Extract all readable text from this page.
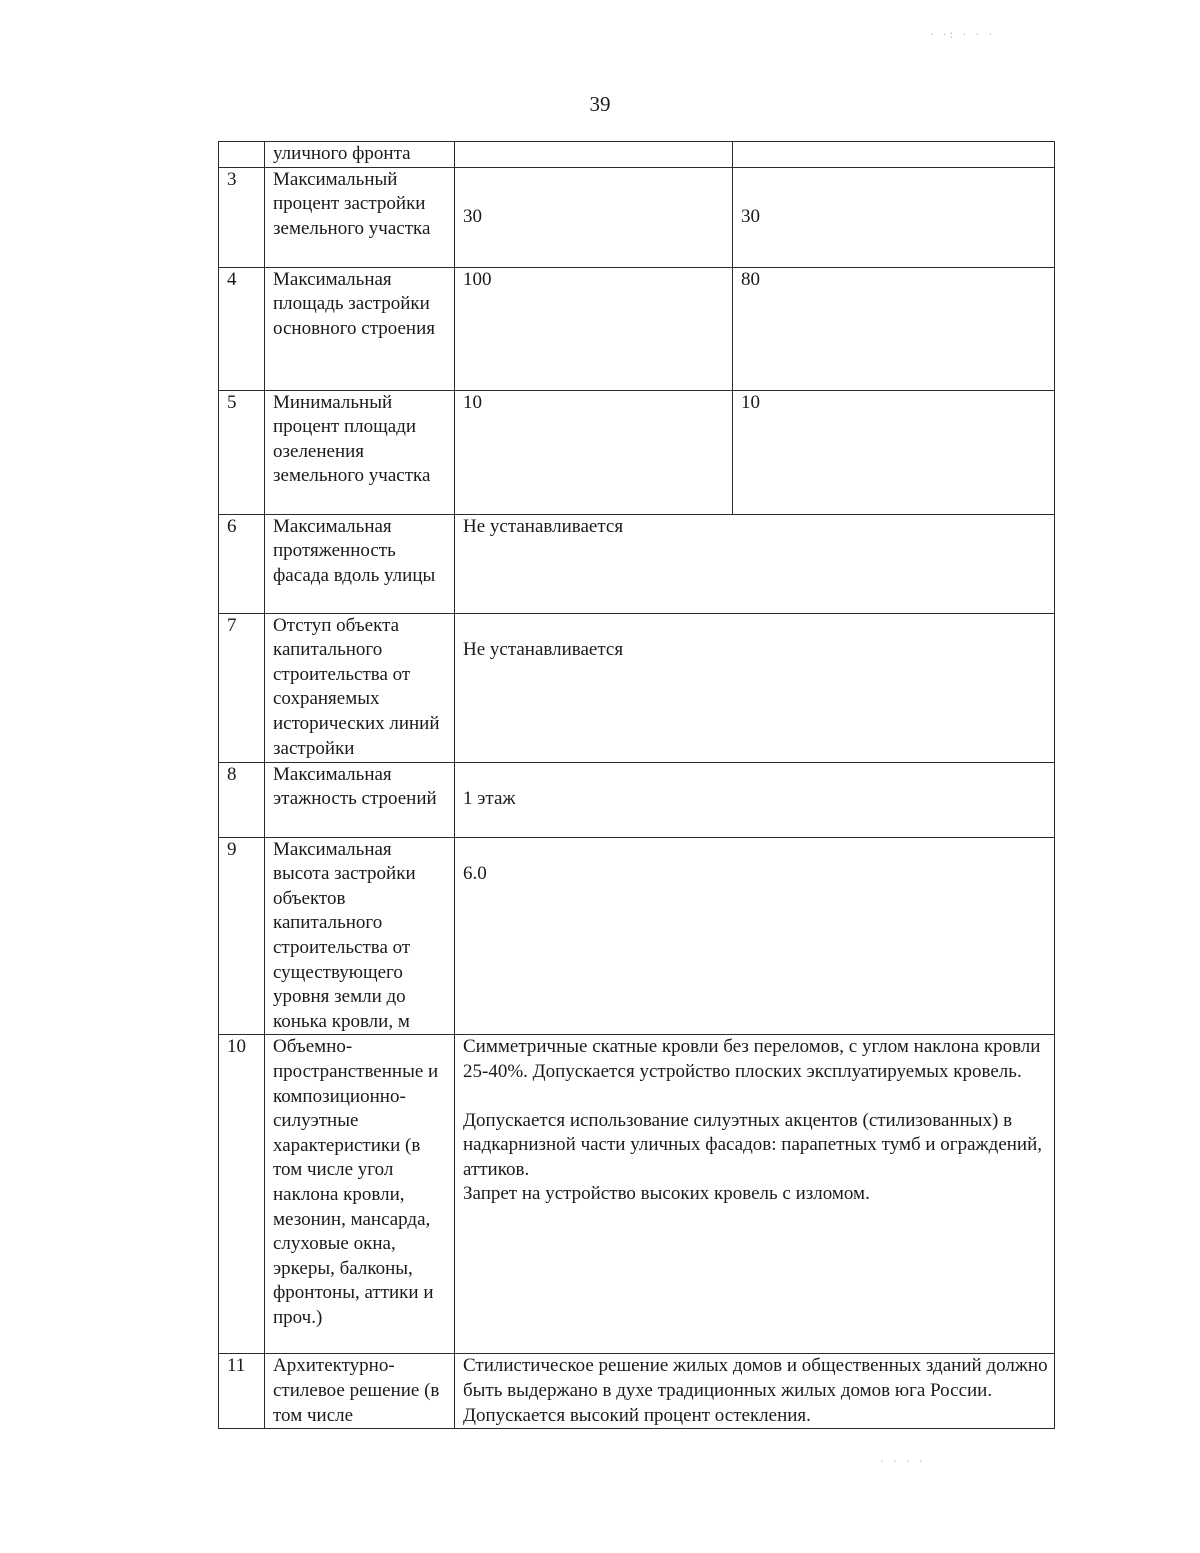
39
	уличного фронта		
3	Максимальный процент застройки земельного участка	30	30
4	Максимальная площадь застройки основного строения	100	80
5	Минимальный процент площади озеленения земельного участка	10	10
6	Максимальная протяженность фасада вдоль улицы	Не устанавливается	
7	Отступ объекта капитального строительства от сохраняемых исторических линий застройки	Не устанавливается	
8	Максимальная этажность строений	1 этаж	
9	Максимальная высота застройки объектов капитального строительства от существующего уровня земли до конька кровли, м	6.0	
10	Объемно-пространственные и композиционно-силуэтные характеристики (в том числе угол наклона кровли, мезонин, мансарда, слуховые окна, эркеры, балконы, фронтоны, аттики и проч.)	Симметричные скатные кровли без переломов, с углом наклона кровли 25-40%. Допускается устройство плоских эксплуатируемых кровель.
Допускается использование силуэтных акцентов (стилизованных) в надкарнизной части уличных фасадов: парапетных тумб и ограждений, аттиков.
Запрет на устройство высоких кровель с изломом.	

11	Архитектурно-стилевое решение (в том числе	Стилистическое решение жилых домов и общественных зданий должно быть выдержано в духе традиционных жилых домов юга России. Допускается высокий процент остекления.	
· ·: · · ·
· · · ·
